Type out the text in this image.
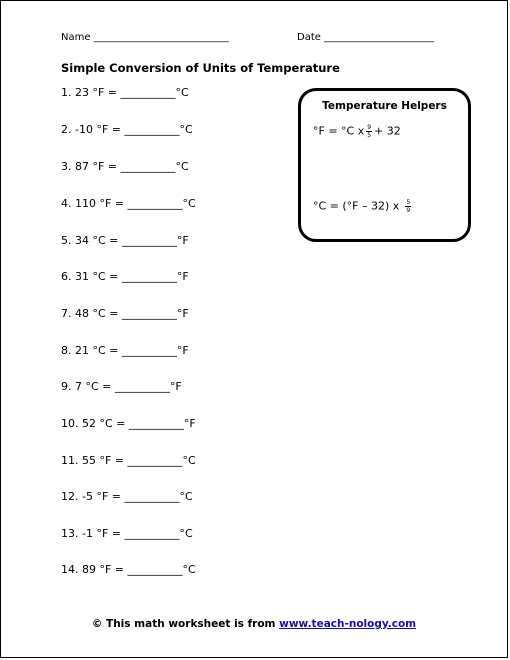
Name ___________________________	Date ______________________
Simple Conversion of Units of Temperature
1. 23 °F = __________°C
2. -10 °F = __________°C
3. 87 °F = __________°C
4. 110 °F = __________°C
5. 34 °C = __________°F
6. 31 °C = __________°F
7. 48 °C = __________°F
8. 21 °C = __________°F
9. 7 °C = __________°F
10. 52 °C = __________°F
11. 55 °F = __________°C
12. -5 °F = __________°C
13. -1 °F = __________°C
14. 89 °F = __________°C
Temperature Helpers
°F = °C x $\frac{9}{5} + 32$
°C = (°F – 32) x $\frac{5}{9}$
© This math worksheet is from www.teach-nology.com
